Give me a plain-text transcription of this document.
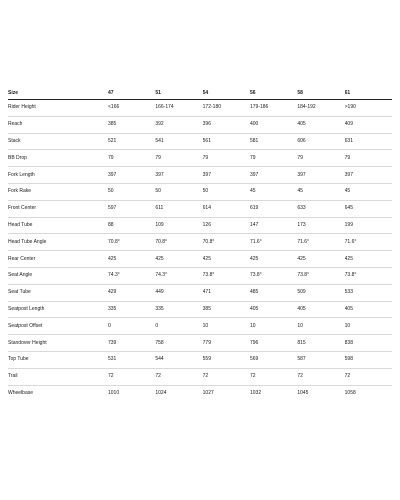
Size	47	51	54	56	58	61
Rider Height	<166	166-174	172-180	179-186	184-192	>190
Reach	385	392	396	400	405	409
Stack	521	541	561	581	606	631
BB Drop	79	79	79	79	79	79
Fork Length	397	397	397	397	397	397
Fork Rake	50	50	50	45	45	45
Front Center	597	611	614	619	633	645
Head Tube	88	109	126	147	173	199
Head Tube Angle	70.8°	70.8°	70.8°	71.6°	71.6°	71.6°
Rear Center	425	425	425	425	425	425
Seat Angle	74.3°	74.3°	73.8°	73.8°	73.8°	73.8°
Seat Tube	429	449	471	485	509	533
Seatpost Length	335	335	385	405	405	405
Seatpost Offset	0	0	10	10	10	10
Standover Height	739	758	779	796	815	838
Top Tube	531	544	559	569	587	598
Trail	72	72	72	72	72	72
Wheelbase	1010	1024	1027	1032	1045	1058
